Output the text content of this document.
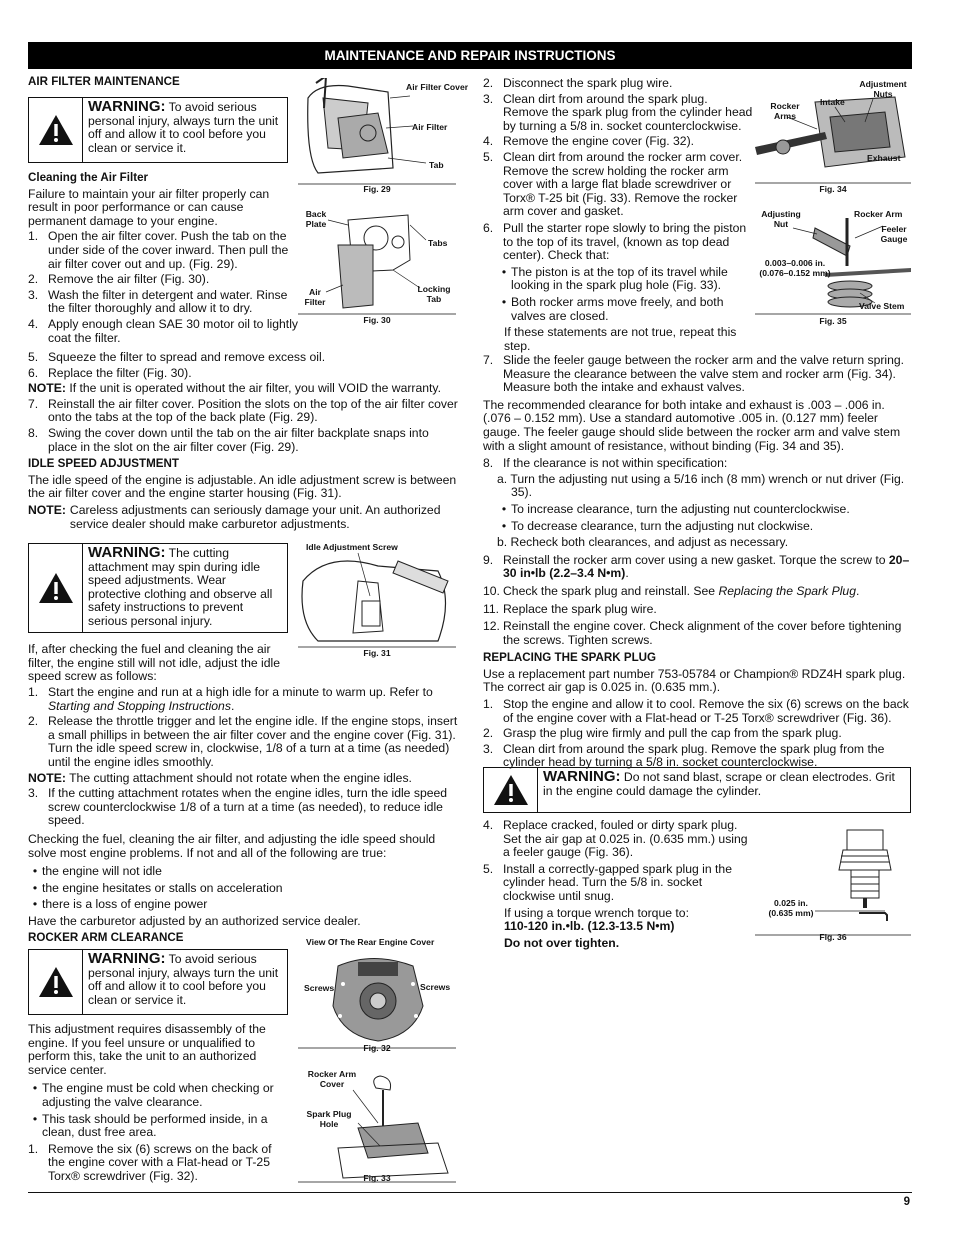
MAINTENANCE AND REPAIR INSTRUCTIONS
AIR FILTER MAINTENANCE
WARNING: To avoid serious personal injury, always turn the unit off and allow it to cool before you clean or service it.
Cleaning the Air Filter
Failure to maintain your air filter properly can result in poor performance or can cause permanent damage to your engine.
1. Open the air filter cover. Push the tab on the under side of the cover inward. Then pull the air filter cover out and up. (Fig. 29).
2. Remove the air filter (Fig. 30).
3. Wash the filter in detergent and water. Rinse the filter thoroughly and allow it to dry.
4. Apply enough clean SAE 30 motor oil to lightly coat the filter.
5. Squeeze the filter to spread and remove excess oil.
6. Replace the filter (Fig. 30).
NOTE: If the unit is operated without the air filter, you will VOID the warranty.
7. Reinstall the air filter cover. Position the slots on the top of the air filter cover onto the tabs at the top of the back plate (Fig. 29).
8. Swing the cover down until the tab on the air filter backplate snaps into place in the slot on the air filter cover (Fig. 29).
IDLE SPEED ADJUSTMENT
The idle speed of the engine is adjustable. An idle adjustment screw is between the air filter cover and the engine starter housing (Fig. 31).
NOTE: Careless adjustments can seriously damage your unit. An authorized service dealer should make carburetor adjustments.
WARNING: The cutting attachment may spin during idle speed adjustments. Wear protective clothing and observe all safety instructions to prevent serious personal injury.
If, after checking the fuel and cleaning the air filter, the engine still will not idle, adjust the idle speed screw as follows:
1. Start the engine and run at a high idle for a minute to warm up. Refer to Starting and Stopping Instructions.
2. Release the throttle trigger and let the engine idle. If the engine stops, insert a small phillips in between the air filter cover and the engine cover (Fig. 31). Turn the idle speed screw in, clockwise, 1/8 of a turn at a time (as needed) until the engine idles smoothly.
NOTE: The cutting attachment should not rotate when the engine idles.
3. If the cutting attachment rotates when the engine idles, turn the idle speed screw counterclockwise 1/8 of a turn at a time (as needed), to reduce idle speed.
Checking the fuel, cleaning the air filter, and adjusting the idle speed should solve most engine problems. If not and all of the following are true:
• the engine will not idle
• the engine hesitates or stalls on acceleration
• there is a loss of engine power
Have the carburetor adjusted by an authorized service dealer.
ROCKER ARM CLEARANCE
WARNING: To avoid serious personal injury, always turn the unit off and allow it to cool before you clean or service it.
This adjustment requires disassembly of the engine. If you feel unsure or unqualified to perform this, take the unit to an authorized service center.
• The engine must be cold when checking or adjusting the valve clearance.
• This task should be performed inside, in a clean, dust free area.
1. Remove the six (6) screws on the back of the engine cover with a Flat-head or T-25 Torx® screwdriver (Fig. 32).
Air Filter Cover
Air Filter
Tab
Fig. 29
Back Plate
Tabs
Air Filter
Locking Tab
Fig. 30
Idle Adjustment Screw
Fig. 31
View Of The Rear Engine Cover
Screws	Screws
Fig. 32
Rocker Arm Cover
Spark Plug Hole
Fig. 33
2. Disconnect the spark plug wire.
3. Clean dirt from around the spark plug. Remove the spark plug from the cylinder head by turning a 5/8 in. socket counterclockwise.
4. Remove the engine cover (Fig. 32).
5. Clean dirt from around the rocker arm cover. Remove the screw holding the rocker arm cover with a large flat blade screwdriver or Torx® T-25 bit (Fig. 33). Remove the rocker arm cover and gasket.
6. Pull the starter rope slowly to bring the piston to the top of its travel, (known as top dead center). Check that:
• The piston is at the top of its travel while looking in the spark plug hole (Fig. 33).
• Both rocker arms move freely, and both valves are closed.
If these statements are not true, repeat this step.
7. Slide the feeler gauge between the rocker arm and the valve return spring. Measure the clearance between the valve stem and rocker arm (Fig. 34). Measure both the intake and exhaust valves.
The recommended clearance for both intake and exhaust is .003 – .006 in. (.076 – 0.152 mm). Use a standard automotive .005 in. (0.127 mm) feeler gauge. The feeler gauge should slide between the rocker arm and valve stem with a slight amount of resistance, without binding (Fig. 34 and 35).
8. If the clearance is not within specification:
a. Turn the adjusting nut using a 5/16 inch (8 mm) wrench or nut driver (Fig. 35).
• To increase clearance, turn the adjusting nut counterclockwise.
• To decrease clearance, turn the adjusting nut clockwise.
b. Recheck both clearances, and adjust as necessary.
9. Reinstall the rocker arm cover using a new gasket. Torque the screw to 20–30 in•lb (2.2–3.4 N•m).
10. Check the spark plug and reinstall. See Replacing the Spark Plug.
11. Replace the spark plug wire.
12. Reinstall the engine cover. Check alignment of the cover before tightening the screws. Tighten screws.
REPLACING THE SPARK PLUG
Use a replacement part number 753-05784 or Champion® RDZ4H spark plug. The correct air gap is 0.025 in. (0.635 mm.).
1. Stop the engine and allow it to cool. Remove the six (6) screws on the back of the engine cover with a Flat-head or T-25 Torx® screwdriver (Fig. 36).
2. Grasp the plug wire firmly and pull the cap from the spark plug.
3. Clean dirt from around the spark plug. Remove the spark plug from the cylinder head by turning a 5/8 in. socket counterclockwise.
WARNING: Do not sand blast, scrape or clean electrodes. Grit in the engine could damage the cylinder.
4. Replace cracked, fouled or dirty spark plug. Set the air gap at 0.025 in. (0.635 mm.) using a feeler gauge (Fig. 36).
5. Install a correctly-gapped spark plug in the cylinder head. Turn the 5/8 in. socket clockwise until snug.
If using a torque wrench torque to:
110-120 in.•lb. (12.3-13.5 N•m)
Do not over tighten.
Adjustment Nuts
Rocker Arms
Intake
Exhaust
Fig. 34
Adjusting Nut
Rocker Arm
Feeler Gauge
0.003–0.006 in. (0.076–0.152 mm)
Valve Stem
Fig. 35
0.025 in. (0.635 mm)
Fig. 36
9
